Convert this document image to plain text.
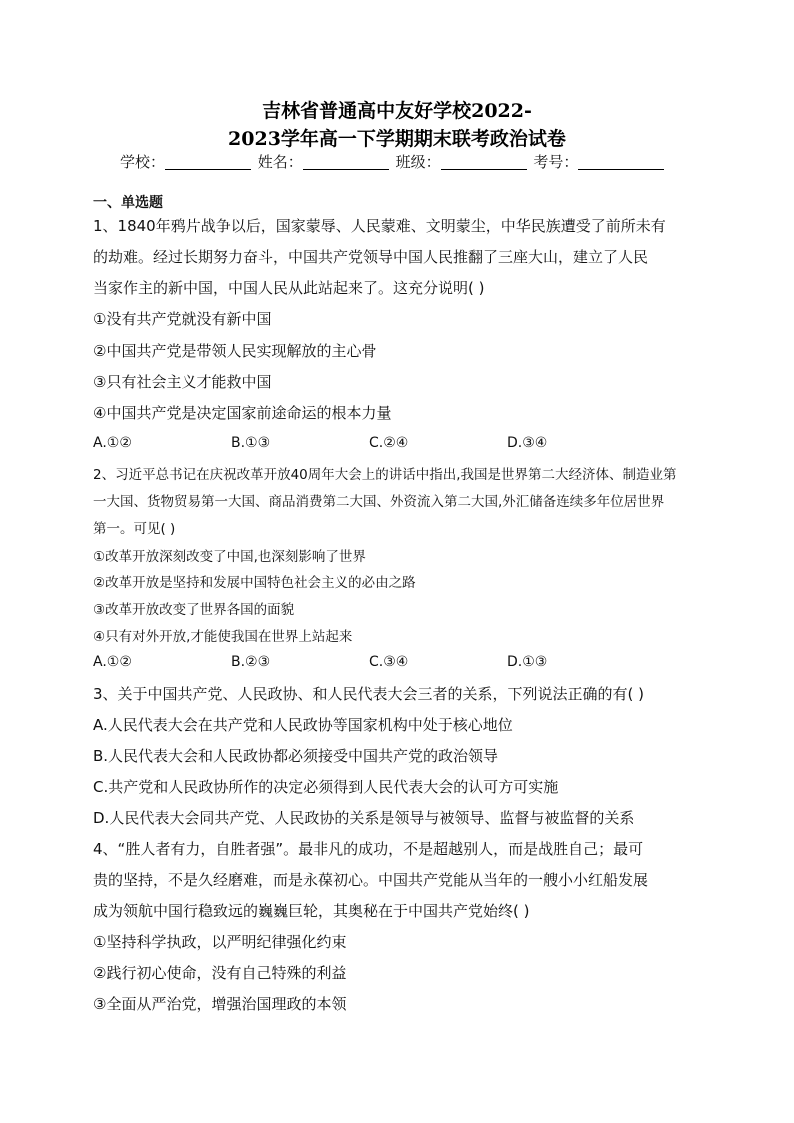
吉林省普通高中友好学校2022-
2023学年高一下学期期末联考政治试卷
学校：	姓名：	班级：	考号：
一、单选题
1、1840年鸦片战争以后，国家蒙辱、人民蒙难、文明蒙尘，中华民族遭受了前所未有
的劫难。经过长期努力奋斗，中国共产党领导中国人民推翻了三座大山，建立了人民
当家作主的新中国，中国人民从此站起来了。这充分说明( )
①没有共产党就没有新中国
②中国共产党是带领人民实现解放的主心骨
③只有社会主义才能救中国
④中国共产党是决定国家前途命运的根本力量
A.①②	B.①③	C.②④	D.③④
2、习近平总书记在庆祝改革开放40周年大会上的讲话中指出,我国是世界第二大经济体、制造业第
一大国、货物贸易第一大国、商品消费第二大国、外资流入第二大国,外汇储备连续多年位居世界
第一。可见( )
①改革开放深刻改变了中国,也深刻影响了世界
②改革开放是坚持和发展中国特色社会主义的必由之路
③改革开放改变了世界各国的面貌
④只有对外开放,才能使我国在世界上站起来
A.①②	B.②③	C.③④	D.①③
3、关于中国共产党、人民政协、和人民代表大会三者的关系，下列说法正确的有( )
A.人民代表大会在共产党和人民政协等国家机构中处于核心地位
B.人民代表大会和人民政协都必须接受中国共产党的政治领导
C.共产党和人民政协所作的决定必须得到人民代表大会的认可方可实施
D.人民代表大会同共产党、人民政协的关系是领导与被领导、监督与被监督的关系
4、“胜人者有力，自胜者强”。最非凡的成功，不是超越别人，而是战胜自己；最可
贵的坚持，不是久经磨难，而是永葆初心。中国共产党能从当年的一艘小小红船发展
成为领航中国行稳致远的巍巍巨轮，其奥秘在于中国共产党始终( )
①坚持科学执政，以严明纪律强化约束
②践行初心使命，没有自己特殊的利益
③全面从严治党，增强治国理政的本领
